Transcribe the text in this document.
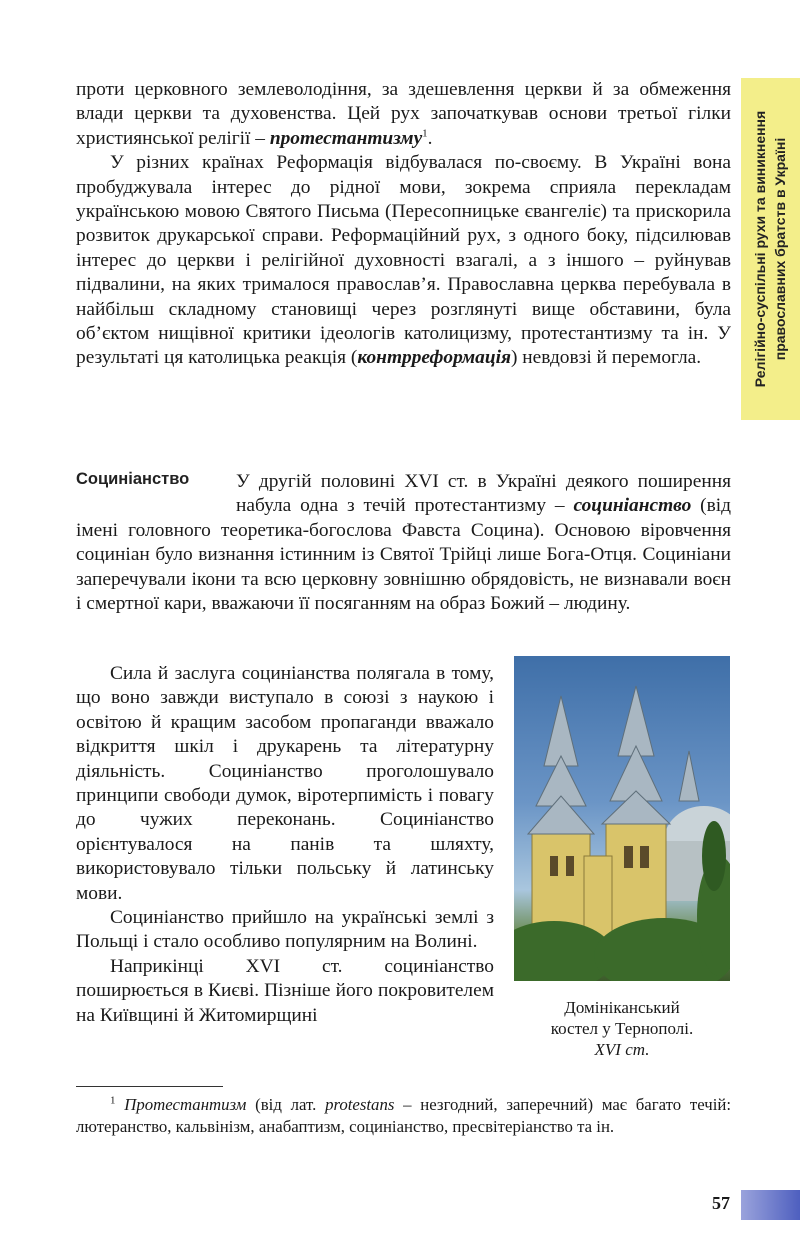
Релігійно-суспільні рухи та виникнення православних братств в Україні

проти церковного землеволодіння, за здешевлення церкви й за обмеження влади церкви та духовенства. Цей рух започаткував основи третьої гілки християнської релігії – протестантизму$^1$.

У різних країнах Реформація відбувалася по-своєму. В Україні вона пробуджувала інтерес до рідної мови, зокрема сприяла перекладам українською мовою Святого Письма (Пересопницьке євангеліє) та прискорила розвиток друкарської справи. Реформаційний рух, з одного боку, підсилював інтерес до церкви і релігійної духовності взагалі, а з іншого – руйнував підвалини, на яких трималося православ’я. Православна церква перебувала в найбільш складному становищі через розглянуті вище обставини, була об’єктом нищівної критики ідеологів католицизму, протестантизму та ін. У результаті ця католицька реакція (контрреформація) невдовзі й перемогла.

Социніанство	У другій половині XVI ст. в Україні деякого поширення набула одна з течій протестантизму – социніанство (від імені головного теоретика-богослова Фавста Социна). Основою віровчення социніан було визнання істинним із Святої Трійці лише Бога-Отця. Социніани заперечували ікони та всю церковну зовнішню обрядовість, не визнавали воєн і смертної кари, вважаючи її посяганням на образ Божий – людину.

Сила й заслуга социніанства полягала в тому, що воно завжди виступало в союзі з наукою і освітою й кращим засобом пропаганди вважало відкриття шкіл і друкарень та літературну діяльність. Социніанство проголошувало принципи свободи думок, віротерпимість і повагу до чужих переконань. Социніанство орієнтувалося на панів та шляхту, використовувало тільки польську й латинську мови.

Социніанство прийшло на українські землі з Польщі і стало особливо популярним на Волині.

Наприкінці XVI ст. социніанство поширюється в Києві. Пізніше його покровителем на Київщині й Житомирщині	Домініканський
костел у Тернополі.
XVI ст.
$^1$ Протестантизм (від лат. protestans – незгодний, заперечний) має багато течій: лютеранство, кальвінізм, анабаптизм, социніанство, пресвітеріанство та ін.
57
